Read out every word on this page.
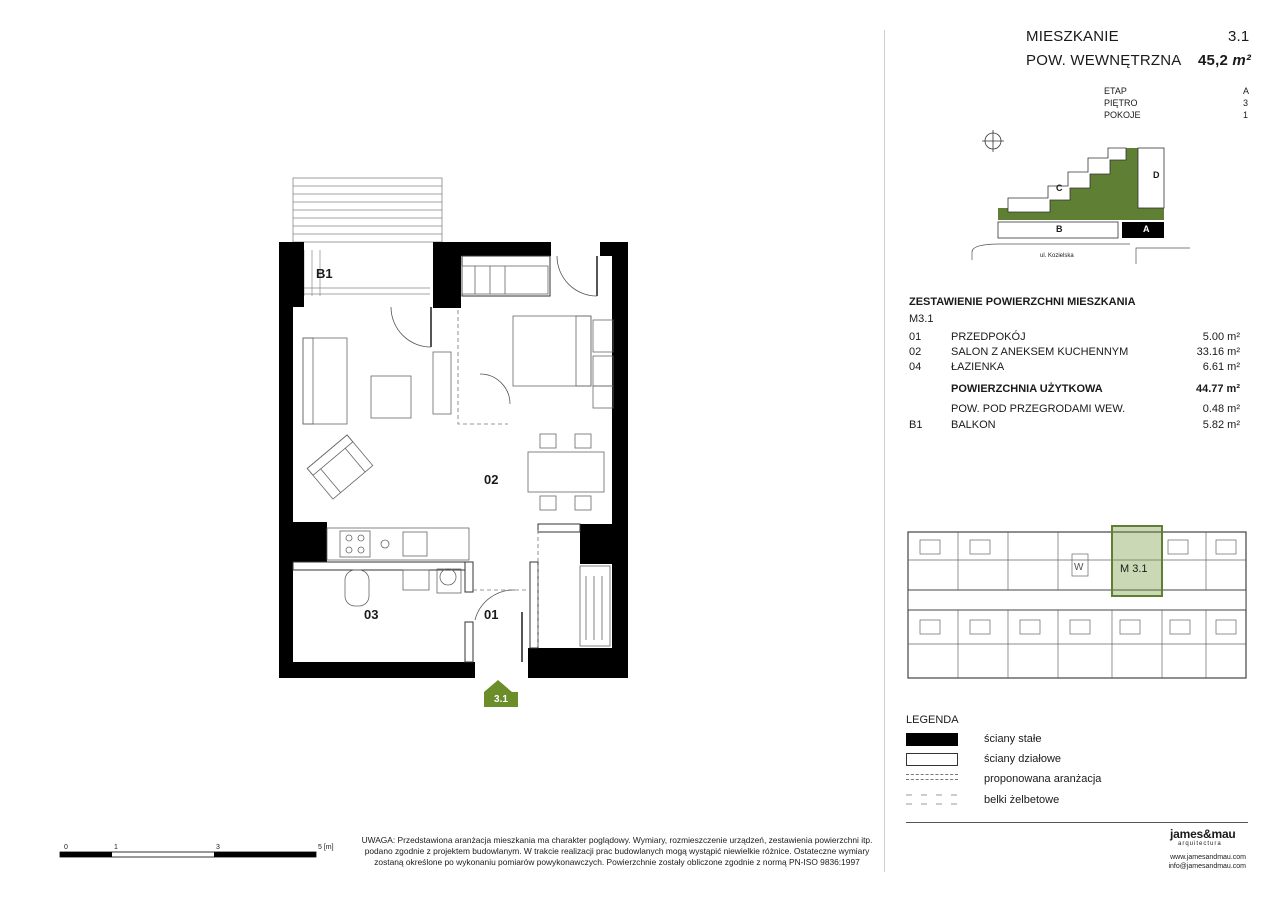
B1
02
03	01
3.1
0	1	3	5 [m]
UWAGA: Przedstawiona aranżacja mieszkania ma charakter poglądowy. Wymiary, rozmieszczenie urządzeń, zestawienia powierzchni itp.
podano zgodnie z projektem budowlanym. W trakcie realizacji prac budowlanych mogą wystąpić niewielkie różnice. Ostateczne wymiary
zostaną określone po wykonaniu pomiarów powykonawczych. Powierzchnie zostały obliczone zgodnie z normą PN-ISO 9836:1997
MIESZKANIE	3.1
POW. WEWNĘTRZNA 45,2 m²
ETAP	A
PIĘTRO	3
POKOJE	1
C
D
B	A
ul. Kozielska
ZESTAWIENIE POWIERZCHNI MIESZKANIA
M3.1
01	PRZEDPOKÓJ	5.00 m²
02	SALON Z ANEKSEM KUCHENNYM	33.16 m²
04	ŁAZIENKA	6.61 m²
POWIERZCHNIA UŻYTKOWA	44.77 m²
POW. POD PRZEGRODAMI WEW.	0.48 m²
B1	BALKON	5.82 m²
M 3.1
W
LEGENDA
ściany stałe
ściany działowe
proponowana aranżacja
belki żelbetowe
james&mau
arquitectura
www.jamesandmau.com
info@jamesandmau.com
